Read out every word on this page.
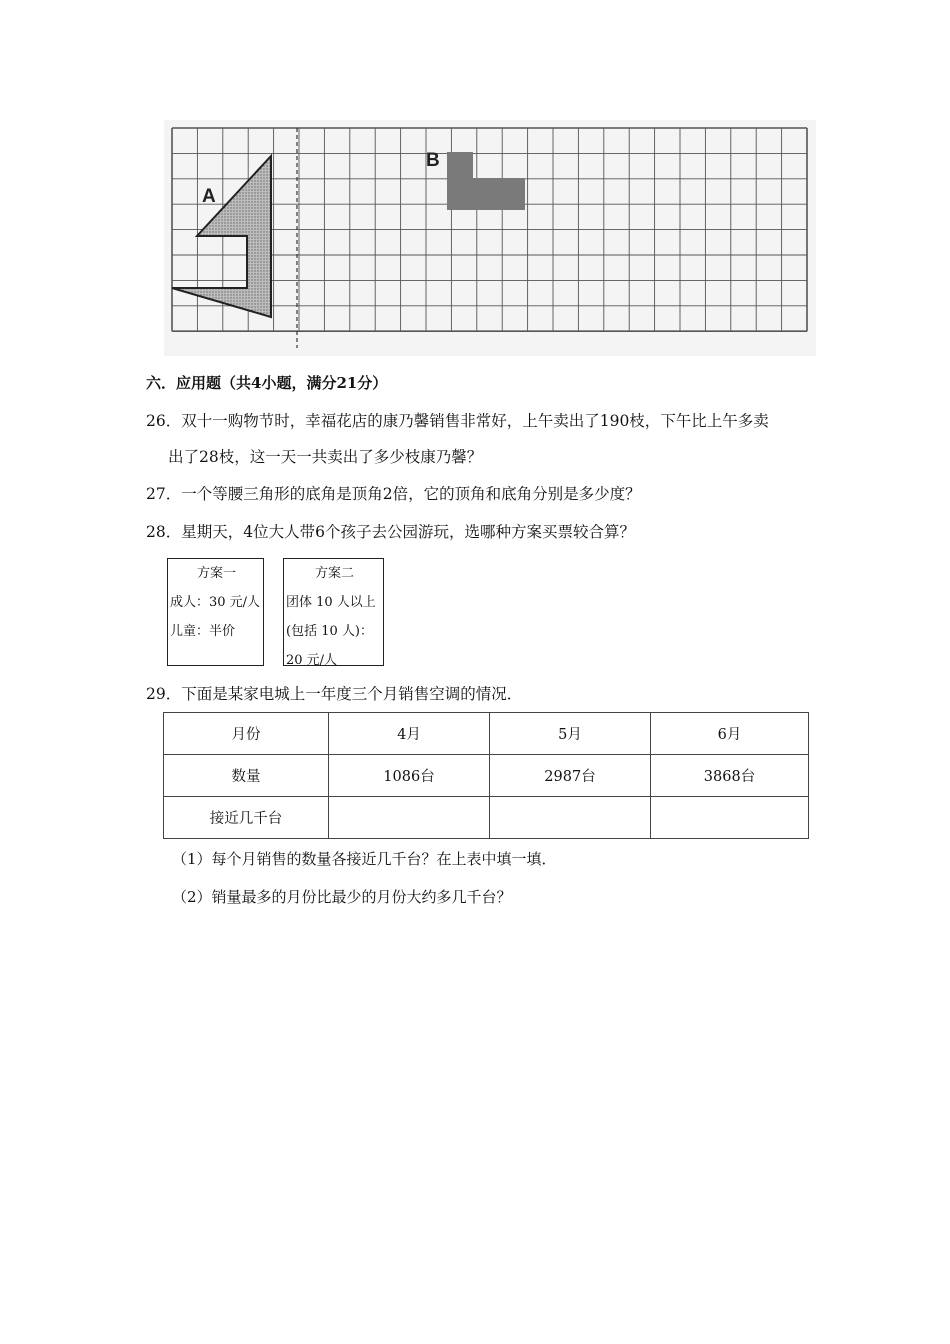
A
B
六．应用题（共4小题，满分21分）
26．双十一购物节时，幸福花店的康乃馨销售非常好，上午卖出了190枝，下午比上午多卖
出了28枝，这一天一共卖出了多少枝康乃馨？
27．一个等腰三角形的底角是顶角2倍，它的顶角和底角分别是多少度？
28．星期天，4位大人带6个孩子去公园游玩，选哪种方案买票较合算？
方案一
成人：30 元/人
儿童：半价
方案二
团体 10 人以上
(包括 10 人)：
20 元/人
29．下面是某家电城上一年度三个月销售空调的情况．
月份	4月	5月	6月
数量	1086台	2987台	3868台
接近几千台			
（1）每个月销售的数量各接近几千台？在上表中填一填．
（2）销量最多的月份比最少的月份大约多几千台？
